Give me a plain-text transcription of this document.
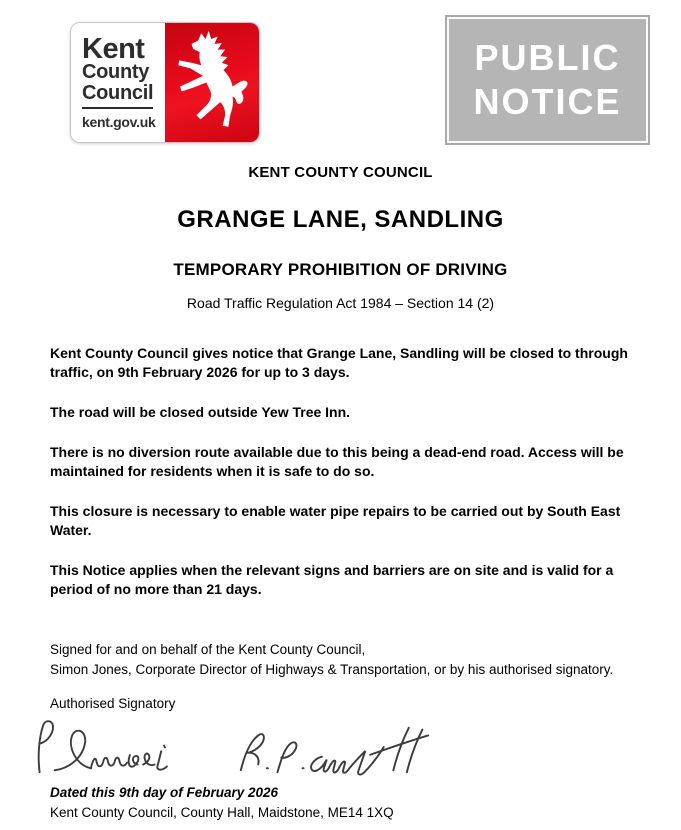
Kent
County
Council
kent.gov.uk
PUBLIC
NOTICE
KENT COUNTY COUNCIL
GRANGE LANE, SANDLING
TEMPORARY PROHIBITION OF DRIVING
Road Traffic Regulation Act 1984 – Section 14 (2)

Kent County Council gives notice that Grange Lane, Sandling will be closed to through traffic, on 9th February 2026 for up to 3 days.

The road will be closed outside Yew Tree Inn.

There is no diversion route available due to this being a dead-end road. Access will be maintained for residents when it is safe to do so.

This closure is necessary to enable water pipe repairs to be carried out by South East Water.

This Notice applies when the relevant signs and barriers are on site and is valid for a period of no more than 21 days.

Signed for and on behalf of the Kent County Council,
Simon Jones, Corporate Director of Highways & Transportation, or by his authorised signatory.
Authorised Signatory
Dated this 9th day of February 2026
Kent County Council, County Hall, Maidstone, ME14 1XQ
